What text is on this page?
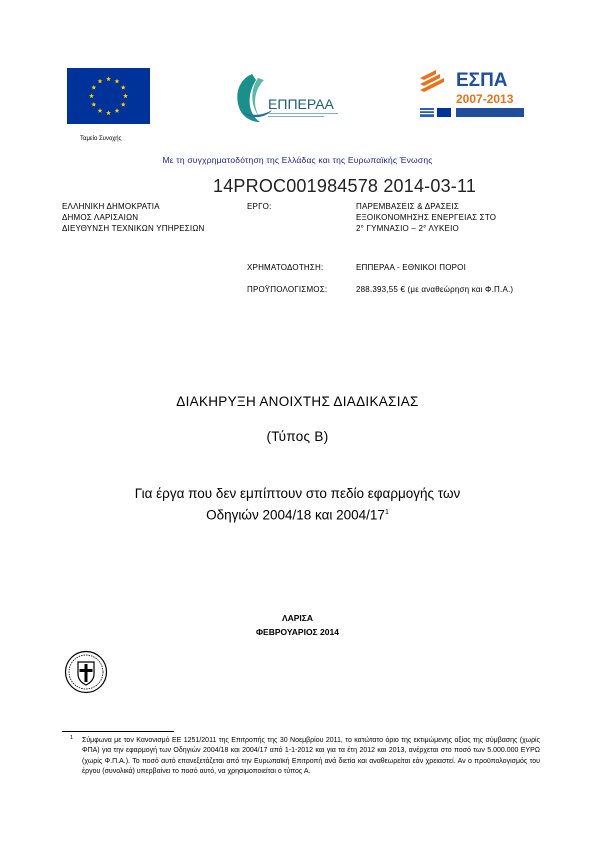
Ταμείο Συνοχής
ΕΠΠΕΡΑΑ
ΕΣΠΑ
2007-2013
Με τη συγχρηματοδότηση της Ελλάδας και της Ευρωπαϊκής Ένωσης
14PROC001984578 2014-03-11
ΕΛΛΗΝΙΚΗ ΔΗΜΟΚΡΑΤΙΑ
ΔΗΜΟΣ ΛΑΡΙΣΑΙΩΝ
ΔΙΕΥΘΥΝΣΗ ΤΕΧΝΙΚΩΝ ΥΠΗΡΕΣΙΩΝ
ΕΡΓΟ:	ΠΑΡΕΜΒΑΣΕΙΣ & ΔΡΑΣΕΙΣ
ΕΞΟΙΚΟΝΟΜΗΣΗΣ ΕΝΕΡΓΕΙΑΣ ΣΤΟ
2° ΓΥΜΝΑΣΙΟ – 2° ΛΥΚΕΙΟ
ΧΡΗΜΑΤΟΔΟΤΗΣΗ:	ΕΠΠΕΡΑΑ - ΕΘΝΙΚΟΙ ΠΟΡΟΙ
ΠΡΟΫΠΟΛΟΓΙΣΜΟΣ:	288.393,55 € (με αναθεώρηση και Φ.Π.Α.)
ΔΙΑΚΗΡΥΞΗ ΑΝΟΙΧΤΗΣ ΔΙΑΔΙΚΑΣΙΑΣ
(Τύπος Β)
Για έργα που δεν εμπίπτουν στο πεδίο εφαρμογής των
Οδηγιών 2004/18 και $2004/17^1$
ΛΑΡΙΣΑ
ΦΕΒΡΟΥΑΡΙΟΣ 2014
1 Σύμφωνα με τον Κανονισμό ΕΕ 1251/2011 της Επιτροπής της 30 Νοεμβρίου 2011, το κατώτατο όριο της εκτιμώμενης αξίας της σύμβασης (χωρίς ΦΠΑ) για την εφαρμογή των Οδηγιών 2004/18 και 2004/17 από 1-1-2012 και για τα έτη 2012 και 2013, ανέρχεται στο ποσό των 5.000.000 ΕΥΡΩ (χωρίς Φ.Π.Α.). Το ποσό αυτό επανεξετάζεται από την Ευρωπαϊκή Επιτροπή ανά διετία και αναθεωρείται εάν χρειαστεί. Αν ο προϋπολογισμός του έργου (συνολικά) υπερβαίνει το ποσό αυτό, να χρησιμοποιείται ο τύπος Α.
